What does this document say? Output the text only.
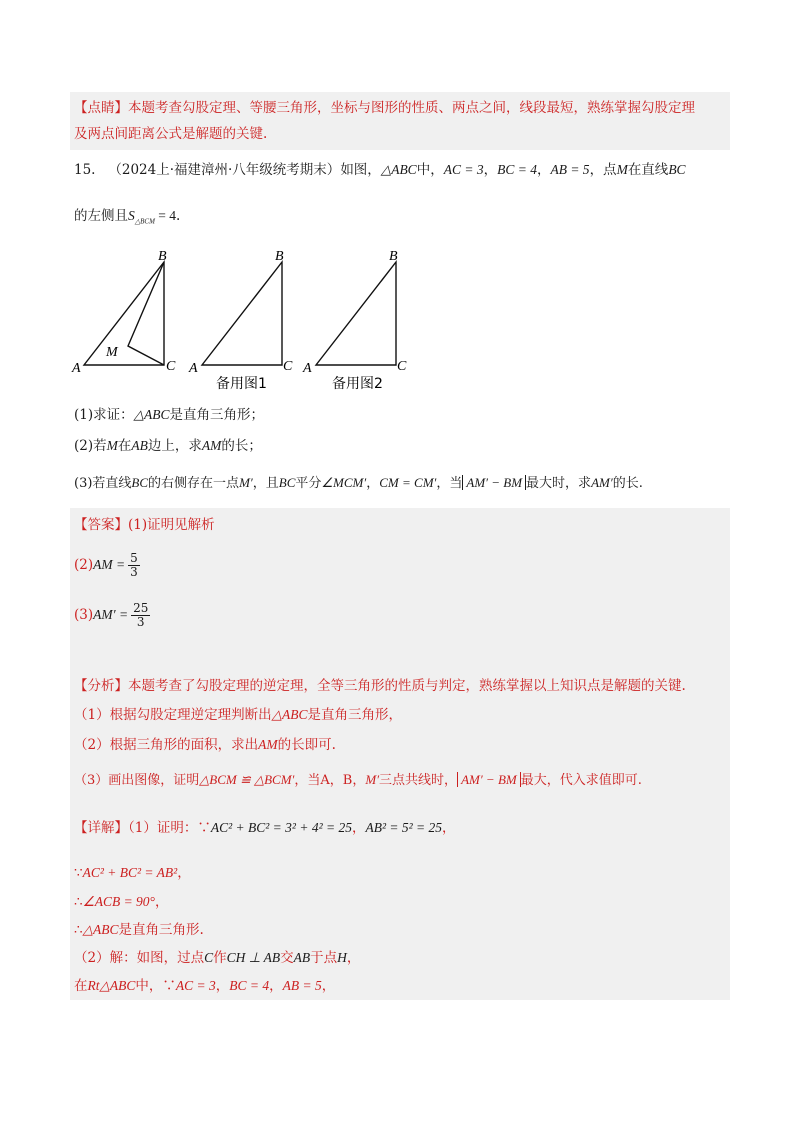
【点睛】本题考查勾股定理、等腰三角形，坐标与图形的性质、两点之间，线段最短，熟练掌握勾股定理
及两点间距离公式是解题的关键.
15. （2024上·福建漳州·八年级统考期末）如图，△ABC中，AC = 3，BC = 4，AB = 5，点M在直线BC
的左侧且$S_{\triangle BCM} = 4$.
A
B
C
M
A
B
C
备用图1
A
B
C
备用图2
(1)求证：△ABC是直角三角形；
(2)若M在AB边上，求AM的长；
(3)若直线BC的右侧存在一点M′，且BC平分∠MCM′，CM = CM′，当 AM′ − BM 最大时，求AM′的长.
【答案】(1)证明见解析
$(2)AM = \frac{5}{3}$
$(3)AM' = \frac{25}{3}$
【分析】本题考查了勾股定理的逆定理，全等三角形的性质与判定，熟练掌握以上知识点是解题的关键.
（1）根据勾股定理逆定理判断出△ABC是直角三角形，
（2）根据三角形的面积，求出AM的长即可.
（3）画出图像，证明△BCM ≌ △BCM′，当A，B，M′三点共线时， AM′ − BM 最大，代入求值即可.
【详解】（1）证明：∵AC² + BC² = 3² + 4² = 25，AB² = 5² = 25，
∵AC² + BC² = AB²，
∴∠ACB = 90°，
∴△ABC是直角三角形.
（2）解：如图，过点C作CH ⊥ AB交AB于点H，
在Rt△ABC中，∵AC = 3，BC = 4，AB = 5，
